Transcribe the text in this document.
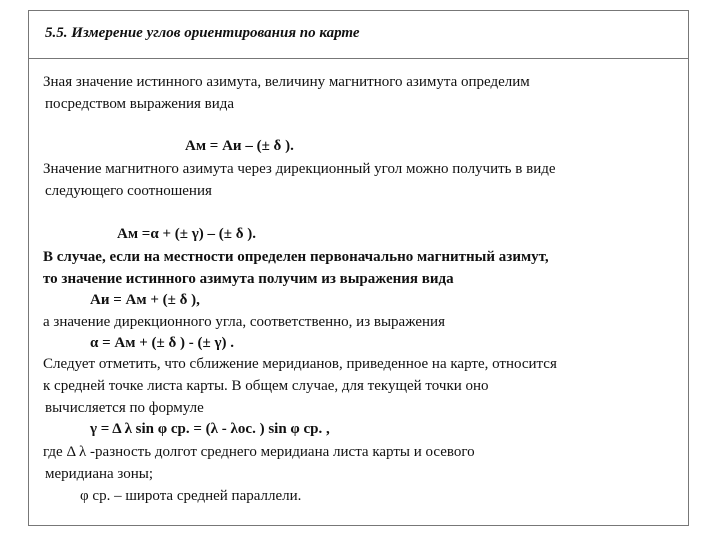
5.5. Измерение углов ориентирования по карте
Зная значение истинного азимута, величину магнитного азимута определим
посредством выражения вида
Ам = Аи – (± δ ).
Значение магнитного азимута через дирекционный угол можно получить в виде
следующего соотношения
Ам =α + (± γ) – (± δ ).
В случае, если на местности определен первоначально магнитный азимут,
то значение истинного азимута получим из выражения вида
Аи = Ам + (± δ ),
а значение дирекционного угла, соответственно, из выражения
α = Ам + (± δ ) - (± γ) .
Следует отметить, что сближение меридианов, приведенное на карте, относится
к средней точке листа карты. В общем случае, для текущей точки оно
вычисляется по формуле
γ = Δ λ sin φ ср. = (λ - λос. ) sin φ ср. ,
где Δ λ -разность долгот среднего меридиана листа карты и осевого
меридиана зоны;
φ ср. – широта средней параллели.
